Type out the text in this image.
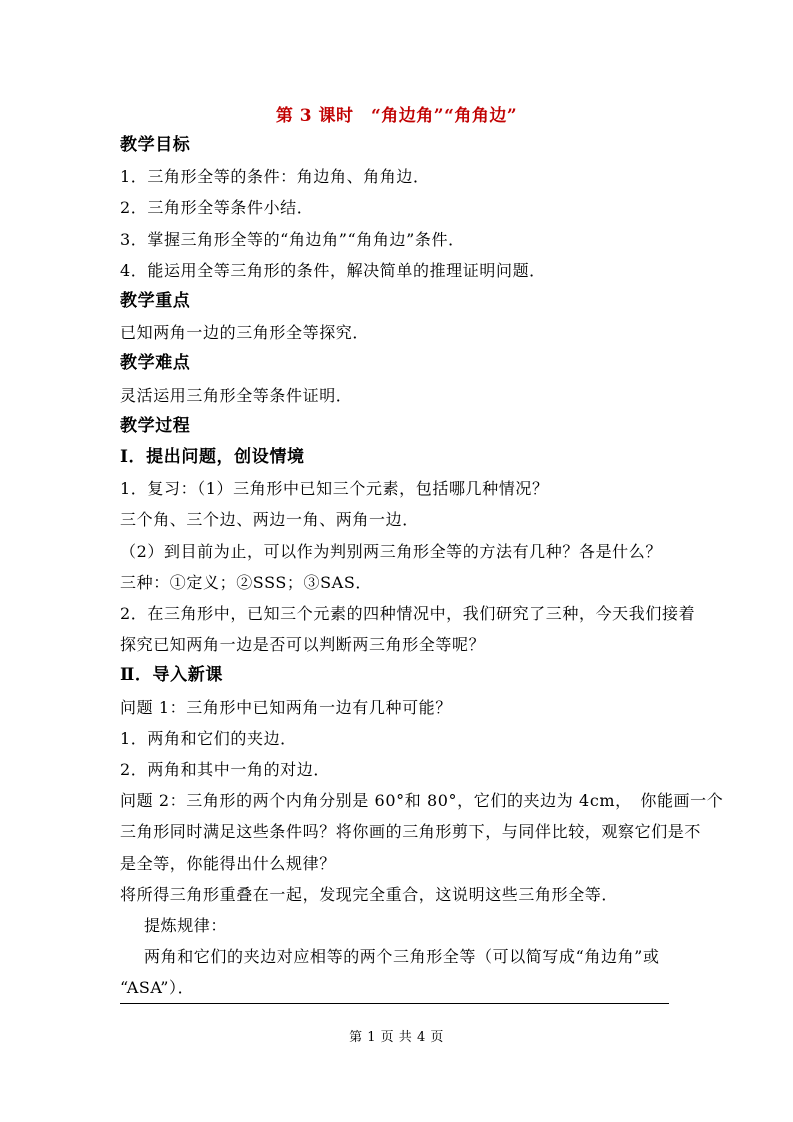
第 3 课时　“角边角”“角角边”
教学目标
1．三角形全等的条件：角边角、角角边．
2．三角形全等条件小结．
3．掌握三角形全等的“角边角”“角角边”条件．
4．能运用全等三角形的条件，解决简单的推理证明问题．
教学重点
已知两角一边的三角形全等探究．
教学难点
灵活运用三角形全等条件证明．
教学过程
Ⅰ．提出问题，创设情境
1．复习：（1）三角形中已知三个元素，包括哪几种情况？
三个角、三个边、两边一角、两角一边．
（2）到目前为止，可以作为判别两三角形全等的方法有几种？各是什么？
三种：①定义；②SSS；③SAS．
2．在三角形中，已知三个元素的四种情况中，我们研究了三种，今天我们接着
探究已知两角一边是否可以判断两三角形全等呢？
Ⅱ．导入新课
问题 1：三角形中已知两角一边有几种可能？
1．两角和它们的夹边．
2．两角和其中一角的对边．
问题 2：三角形的两个内角分别是 60°和 80°，它们的夹边为 4cm，　你能画一个
三角形同时满足这些条件吗？将你画的三角形剪下，与同伴比较，观察它们是不
是全等，你能得出什么规律？
将所得三角形重叠在一起，发现完全重合，这说明这些三角形全等．
提炼规律：
两角和它们的夹边对应相等的两个三角形全等（可以简写成“角边角”或
“ASA”）．
第 1 页 共 4 页
